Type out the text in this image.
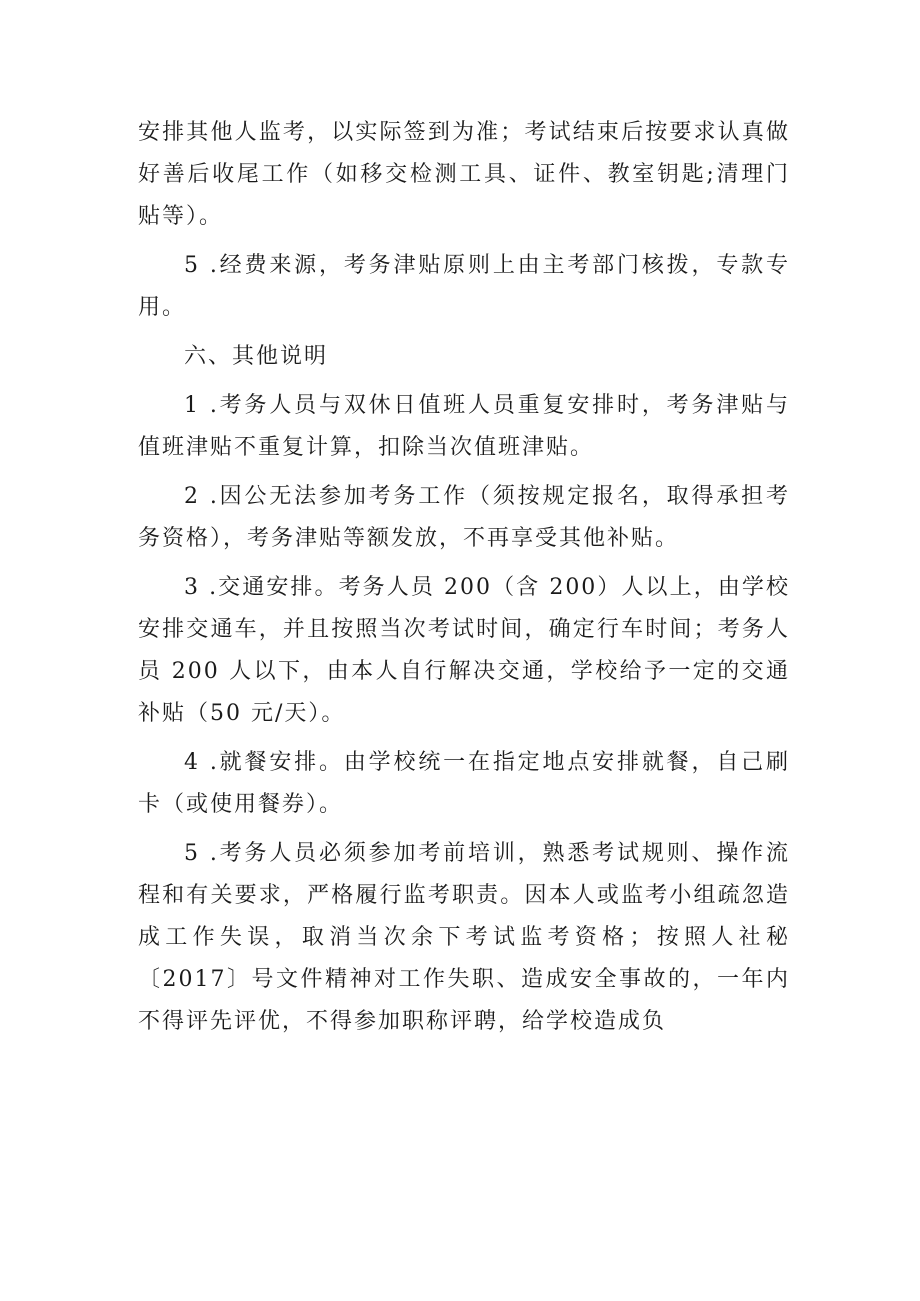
安排其他人监考，以实际签到为准；考试结束后按要求认真做好善后收尾工作（如移交检测工具、证件、教室钥匙;清理门贴等）。

5 .经费来源，考务津贴原则上由主考部门核拨，专款专用。

六、其他说明

1 .考务人员与双休日值班人员重复安排时，考务津贴与值班津贴不重复计算，扣除当次值班津贴。

2 .因公无法参加考务工作（须按规定报名，取得承担考务资格），考务津贴等额发放，不再享受其他补贴。

3 .交通安排。考务人员 200（含 200）人以上，由学校安排交通车，并且按照当次考试时间，确定行车时间；考务人员 200 人以下，由本人自行解决交通，学校给予一定的交通补贴（50 元/天）。

4 .就餐安排。由学校统一在指定地点安排就餐，自己刷卡（或使用餐券）。

5 .考务人员必须参加考前培训，熟悉考试规则、操作流程和有关要求，严格履行监考职责。因本人或监考小组疏忽造成工作失误，取消当次余下考试监考资格；按照人社秘〔2017〕号文件精神对工作失职、造成安全事故的，一年内不得评先评优，不得参加职称评聘，给学校造成负
